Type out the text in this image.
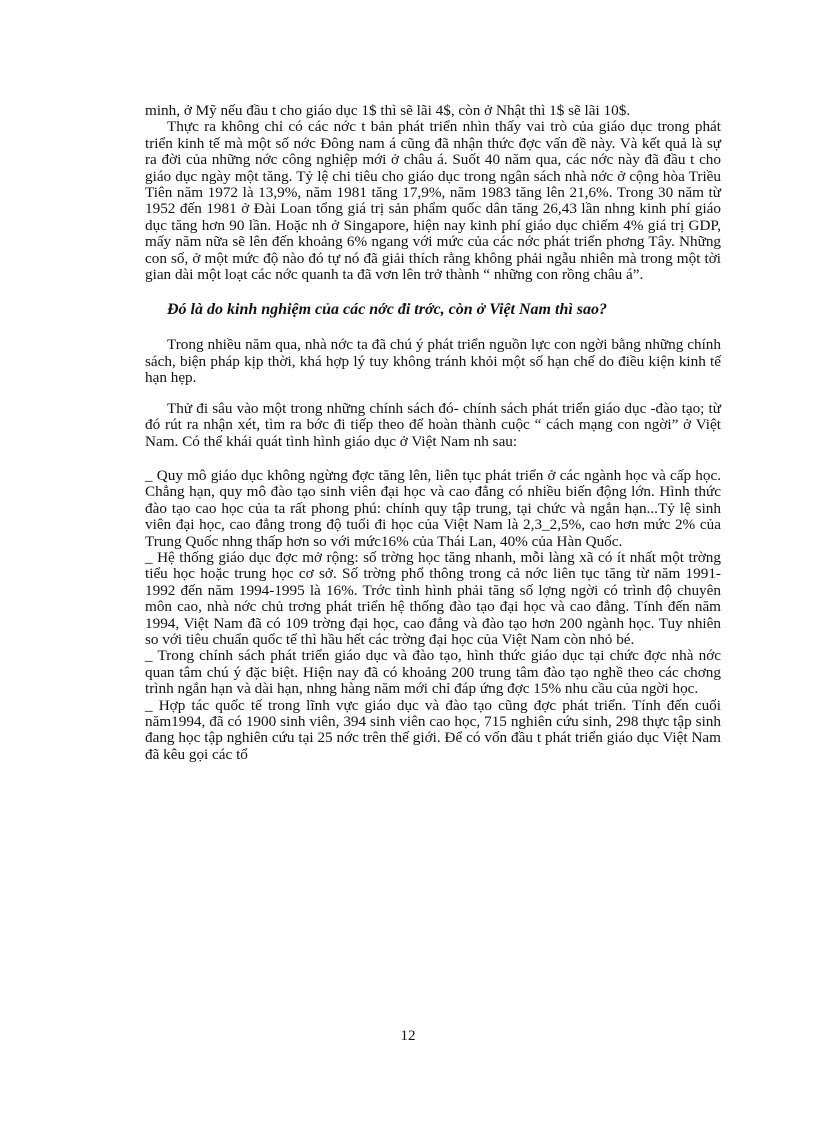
minh, ở Mỹ nếu đầu t cho giáo dục 1$ thì sẽ lãi 4$, còn ở Nhật thì 1$ sẽ lãi 10$.

Thực ra không chỉ có các nớc t bản phát triển nhìn thấy vai trò của giáo dục trong phát triển kinh tế mà một số nớc Đông nam á cũng đã nhận thức đợc vấn đề này. Và kết quả là sự ra đời của những nớc công nghiệp mới ở châu á. Suốt 40 năm qua, các nớc này đã đầu t cho giáo dục ngày một tăng. Tỷ lệ chi tiêu cho giáo dục trong ngân sách nhà nớc ở cộng hòa Triều Tiên năm 1972 là 13,9%, năm 1981 tăng 17,9%, năm 1983 tăng lên 21,6%. Trong 30 năm từ 1952 đến 1981 ở Đài Loan tổng giá trị sản phẩm quốc dân tăng 26,43 lần nhng kinh phí giáo dục tăng hơn 90 lần. Hoặc nh ở Singapore, hiện nay kinh phí giáo dục chiếm 4% giá trị GDP, mấy năm nữa sẽ lên đến khoảng 6% ngang với mức của các nớc phát triển phơng Tây. Những con số, ở một mức độ nào đó tự nó đã giải thích rằng không phải ngẫu nhiên mà trong một tời gian dài một loạt các nớc quanh ta đã vơn lên trở thành “ những con rồng châu á”.

Đó là do kinh nghiệm của các nớc đi trớc, còn ở Việt Nam thì sao?

Trong nhiều năm qua, nhà nớc ta đã chú ý phát triển nguồn lực con ngời bằng những chính sách, biện pháp kịp thời, khá hợp lý tuy không tránh khỏi một số hạn chế do điều kiện kinh tế hạn hẹp.

Thử đi sâu vào một trong những chính sách đó- chính sách phát triển giáo dục -đào tạo; từ đó rút ra nhận xét, tìm ra bớc đi tiếp theo để hoàn thành cuộc “ cách mạng con ngời” ở Việt Nam. Có thể khái quát tình hình giáo dục ở Việt Nam nh sau:

_ Quy mô giáo dục không ngừng đợc tăng lên, liên tục phát triển ở các ngành học và cấp học. Chẳng hạn, quy mô đào tạo sinh viên đại học và cao đẳng có nhiều biến động lớn. Hình thức đào tạo cao học của ta rất phong phú: chính quy tập trung, tại chức và ngắn hạn...Tỷ lệ sinh viên đại học, cao đẳng trong độ tuổi đi học của Việt Nam là 2,3_2,5%, cao hơn mức 2% của Trung Quốc nhng thấp hơn so với mức16% của Thái Lan, 40% của Hàn Quốc.

_ Hệ thống giáo dục đợc mở rộng: số trờng học tăng nhanh, mỗi làng xã có ít nhất một trờng tiểu học hoặc trung học cơ sở. Số trờng phổ thông trong cả nớc liên tục tăng từ năm 1991-1992 đến năm 1994-1995 là 16%. Trớc tình hình phải tăng số lợng ngời có trình độ chuyên môn cao, nhà nớc chủ trơng phát triển hệ thống đào tạo đại học và cao đẳng. Tính đến năm 1994, Việt Nam đã có 109 trờng đại học, cao đẳng và đào tạo hơn 200 ngành học. Tuy nhiên so với tiêu chuẩn quốc tế thì hầu hết các trờng đại học của Việt Nam còn nhỏ bé.

_ Trong chính sách phát triển giáo dục và đào tạo, hình thức giáo dục tại chức đợc nhà nớc quan tâm chú ý đặc biệt. Hiện nay đã có khoảng 200 trung tâm đào tạo nghề theo các chơng trình ngắn hạn và dài hạn, nhng hàng năm mới chỉ đáp ứng đợc 15% nhu cầu của ngời học.

_ Hợp tác quốc tế trong lĩnh vực giáo dục và đào tạo cũng đợc phát triển. Tính đến cuối năm1994, đã có 1900 sinh viên, 394 sinh viên cao học, 715 nghiên cứu sinh, 298 thực tập sinh đang học tập nghiên cứu tại 25 nớc trên thế giới. Để có vốn đầu t phát triển giáo dục Việt Nam đã kêu gọi các tổ

12
